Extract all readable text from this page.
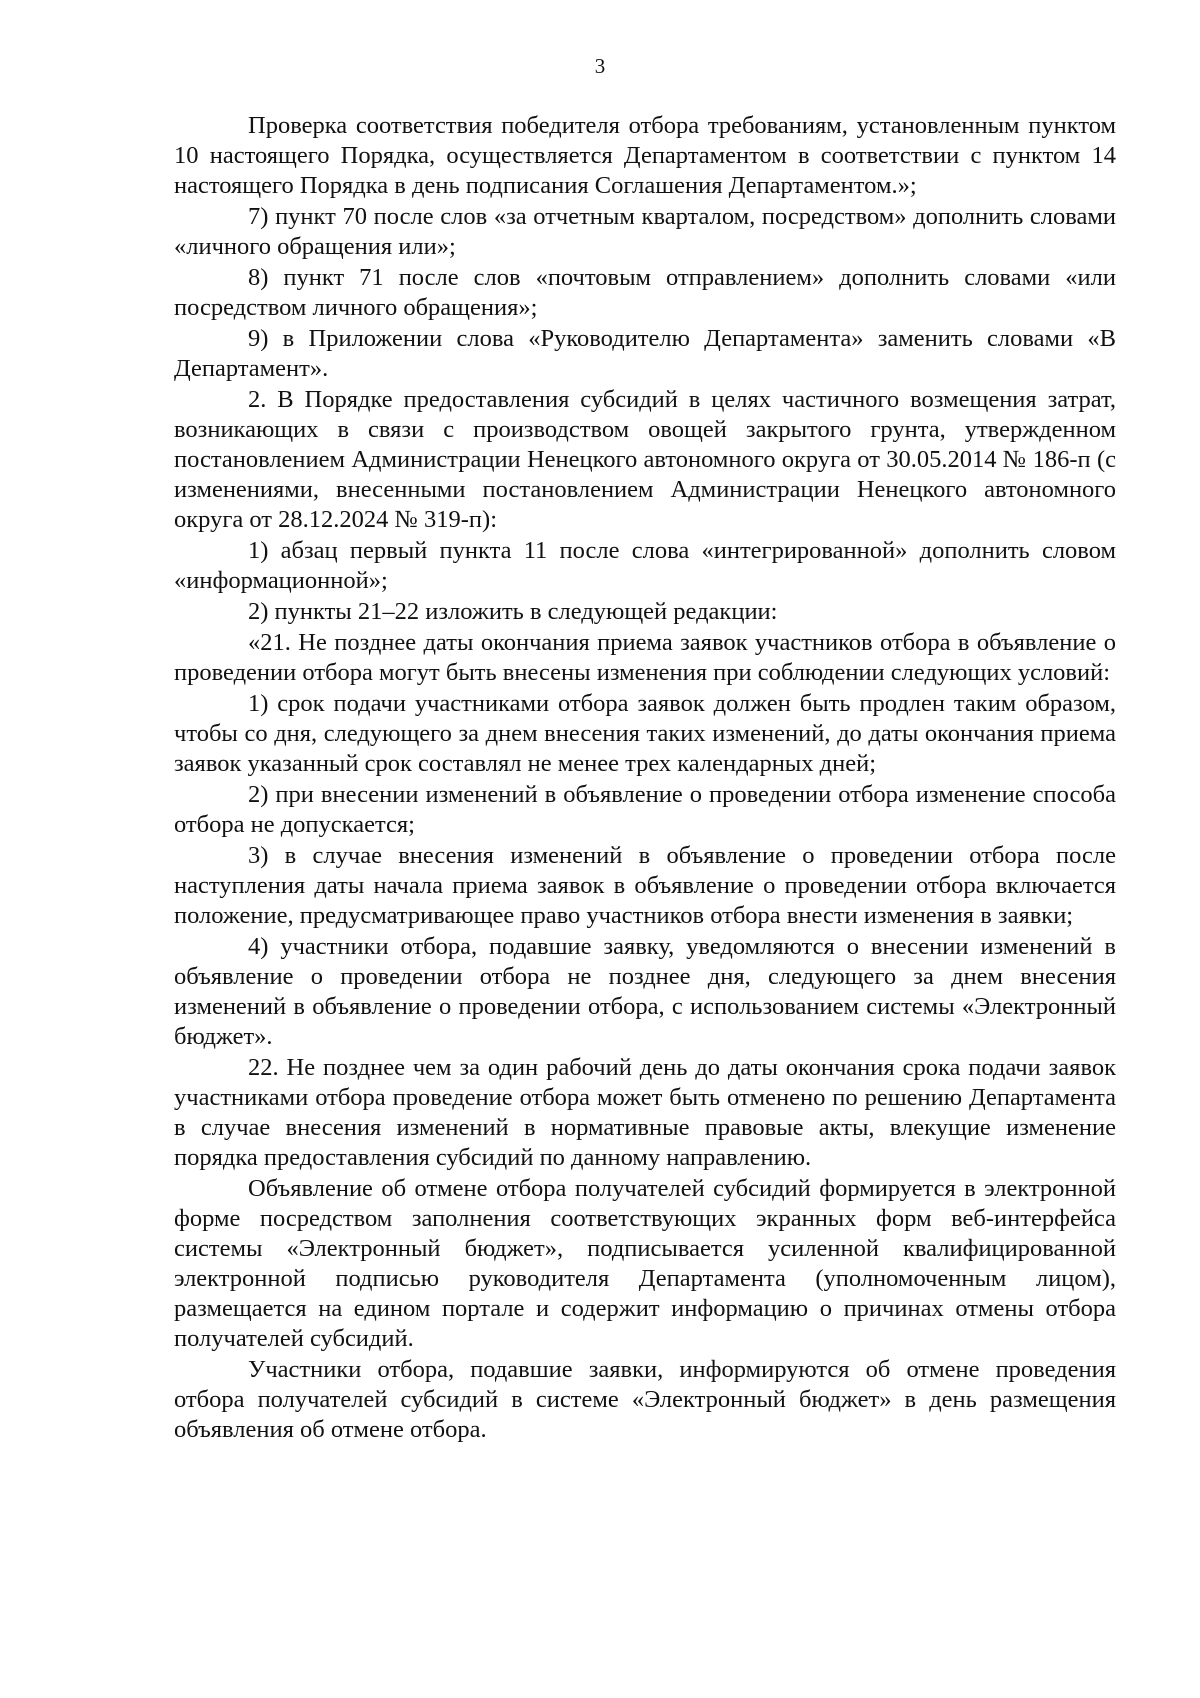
3

Проверка соответствия победителя отбора требованиям, установленным пунктом 10 настоящего Порядка, осуществляется Департаментом в соответствии с пунктом 14 настоящего Порядка в день подписания Соглашения Департаментом.»;

7) пункт 70 после слов «за отчетным кварталом, посредством» дополнить словами «личного обращения или»;

8) пункт 71 после слов «почтовым отправлением» дополнить словами «или посредством личного обращения»;

9) в Приложении слова «Руководителю Департамента» заменить словами «В Департамент».

2. В Порядке предоставления субсидий в целях частичного возмещения затрат, возникающих в связи с производством овощей закрытого грунта, утвержденном постановлением Администрации Ненецкого автономного округа от 30.05.2014 № 186-п (с изменениями, внесенными постановлением Администрации Ненецкого автономного округа от 28.12.2024 № 319-п):

1) абзац первый пункта 11 после слова «интегрированной» дополнить словом «информационной»;

2) пункты 21–22 изложить в следующей редакции:

«21. Не позднее даты окончания приема заявок участников отбора в объявление о проведении отбора могут быть внесены изменения при соблюдении следующих условий:

1) срок подачи участниками отбора заявок должен быть продлен таким образом, чтобы со дня, следующего за днем внесения таких изменений, до даты окончания приема заявок указанный срок составлял не менее трех календарных дней;

2) при внесении изменений в объявление о проведении отбора изменение способа отбора не допускается;

3) в случае внесения изменений в объявление о проведении отбора после наступления даты начала приема заявок в объявление о проведении отбора включается положение, предусматривающее право участников отбора внести изменения в заявки;

4) участники отбора, подавшие заявку, уведомляются о внесении изменений в объявление о проведении отбора не позднее дня, следующего за днем внесения изменений в объявление о проведении отбора, с использованием системы «Электронный бюджет».

22. Не позднее чем за один рабочий день до даты окончания срока подачи заявок участниками отбора проведение отбора может быть отменено по решению Департамента в случае внесения изменений в нормативные правовые акты, влекущие изменение порядка предоставления субсидий по данному направлению.

Объявление об отмене отбора получателей субсидий формируется в электронной форме посредством заполнения соответствующих экранных форм веб-интерфейса системы «Электронный бюджет», подписывается усиленной квалифицированной электронной подписью руководителя Департамента (уполномоченным лицом), размещается на едином портале и содержит информацию о причинах отмены отбора получателей субсидий.

Участники отбора, подавшие заявки, информируются об отмене проведения отбора получателей субсидий в системе «Электронный бюджет» в день размещения объявления об отмене отбора.
